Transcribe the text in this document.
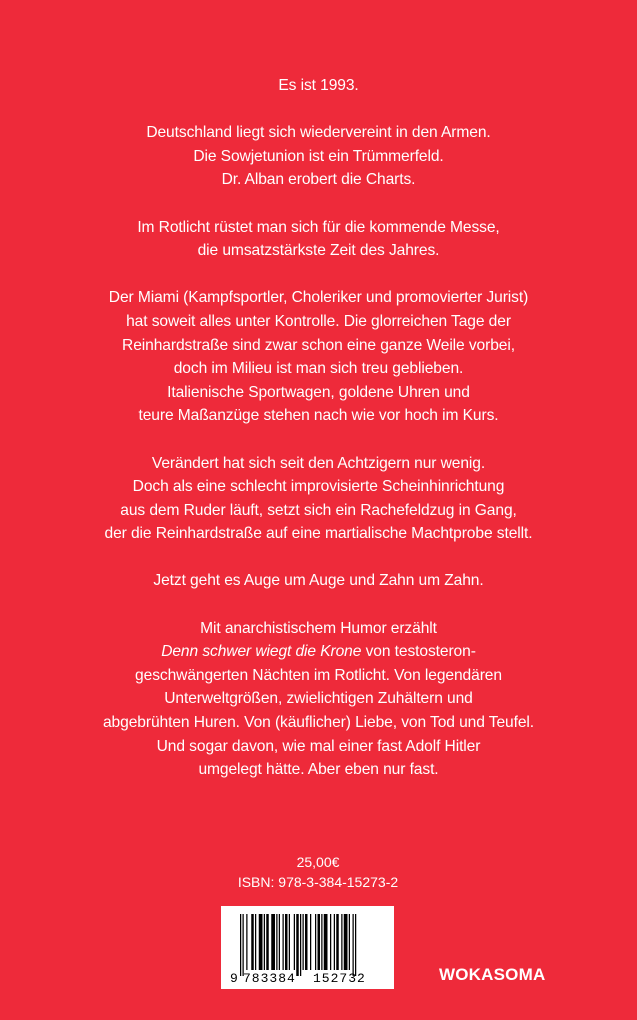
Es ist 1993.

Deutschland liegt sich wiedervereint in den Armen.
Die Sowjetunion ist ein Trümmerfeld.
Dr. Alban erobert die Charts.

Im Rotlicht rüstet man sich für die kommende Messe,
die umsatzstärkste Zeit des Jahres.

Der Miami (Kampfsportler, Choleriker und promovierter Jurist)
hat soweit alles unter Kontrolle. Die glorreichen Tage der
Reinhardstraße sind zwar schon eine ganze Weile vorbei,
doch im Milieu ist man sich treu geblieben.
Italienische Sportwagen, goldene Uhren und
teure Maßanzüge stehen nach wie vor hoch im Kurs.

Verändert hat sich seit den Achtzigern nur wenig.
Doch als eine schlecht improvisierte Scheinhinrichtung
aus dem Ruder läuft, setzt sich ein Rachefeldzug in Gang,
der die Reinhardstraße auf eine martialische Machtprobe stellt.

Jetzt geht es Auge um Auge und Zahn um Zahn.

Mit anarchistischem Humor erzählt
Denn schwer wiegt die Krone von testosteron-
geschwängerten Nächten im Rotlicht. Von legendären
Unterweltgrößen, zwielichtigen Zuhältern und
abgebrühten Huren. Von (käuflicher) Liebe, von Tod und Teufel.
Und sogar davon, wie mal einer fast Adolf Hitler
umgelegt hätte. Aber eben nur fast.

25,00€
ISBN: 978-3-384-15273-2
9 783384 152732	WOKASOMA
